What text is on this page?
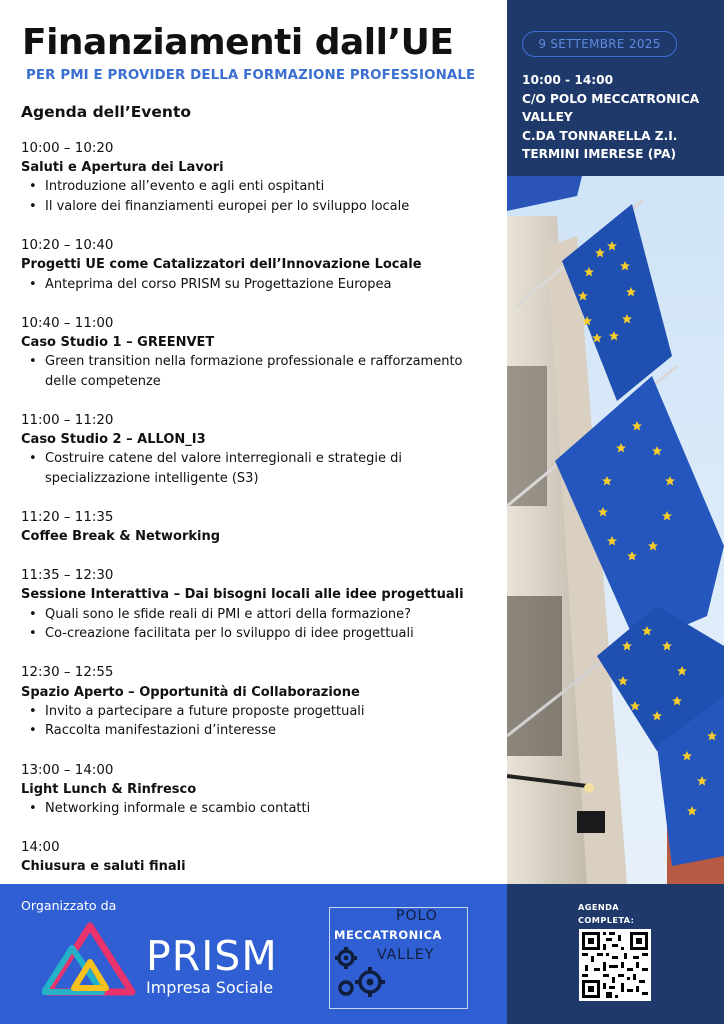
Finanziamenti dall’UE
PER PMI E PROVIDER DELLA FORMAZIONE PROFESSIONALE
Agenda dell’Evento
10:00 – 10:20
Saluti e Apertura dei Lavori
• Introduzione all’evento e agli enti ospitanti
• Il valore dei finanziamenti europei per lo sviluppo locale
10:20 – 10:40
Progetti UE come Catalizzatori dell’Innovazione Locale
• Anteprima del corso PRISM su Progettazione Europea
10:40 – 11:00
Caso Studio 1 – GREENVET
• Green transition nella formazione professionale e rafforzamento delle competenze
11:00 – 11:20
Caso Studio 2 – ALLON_I3
• Costruire catene del valore interregionali e strategie di specializzazione intelligente (S3)
11:20 – 11:35
Coffee Break & Networking
11:35 – 12:30
Sessione Interattiva – Dai bisogni locali alle idee progettuali
• Quali sono le sfide reali di PMI e attori della formazione?
• Co-creazione facilitata per lo sviluppo di idee progettuali
12:30 – 12:55
Spazio Aperto – Opportunità di Collaborazione
• Invito a partecipare a future proposte progettuali
• Raccolta manifestazioni d’interesse
13:00 – 14:00
Light Lunch & Rinfresco
• Networking informale e scambio contatti
14:00
Chiusura e saluti finali
9 SETTEMBRE 2025
10:00 - 14:00
C/O POLO MECCATRONICA
VALLEY
C.DA TONNARELLA Z.I.
TERMINI IMERESE (PA)
Organizzato da
PRISM
Impresa Sociale
POLO
MECCATRONICA
VALLEY
AGENDA
COMPLETA:
